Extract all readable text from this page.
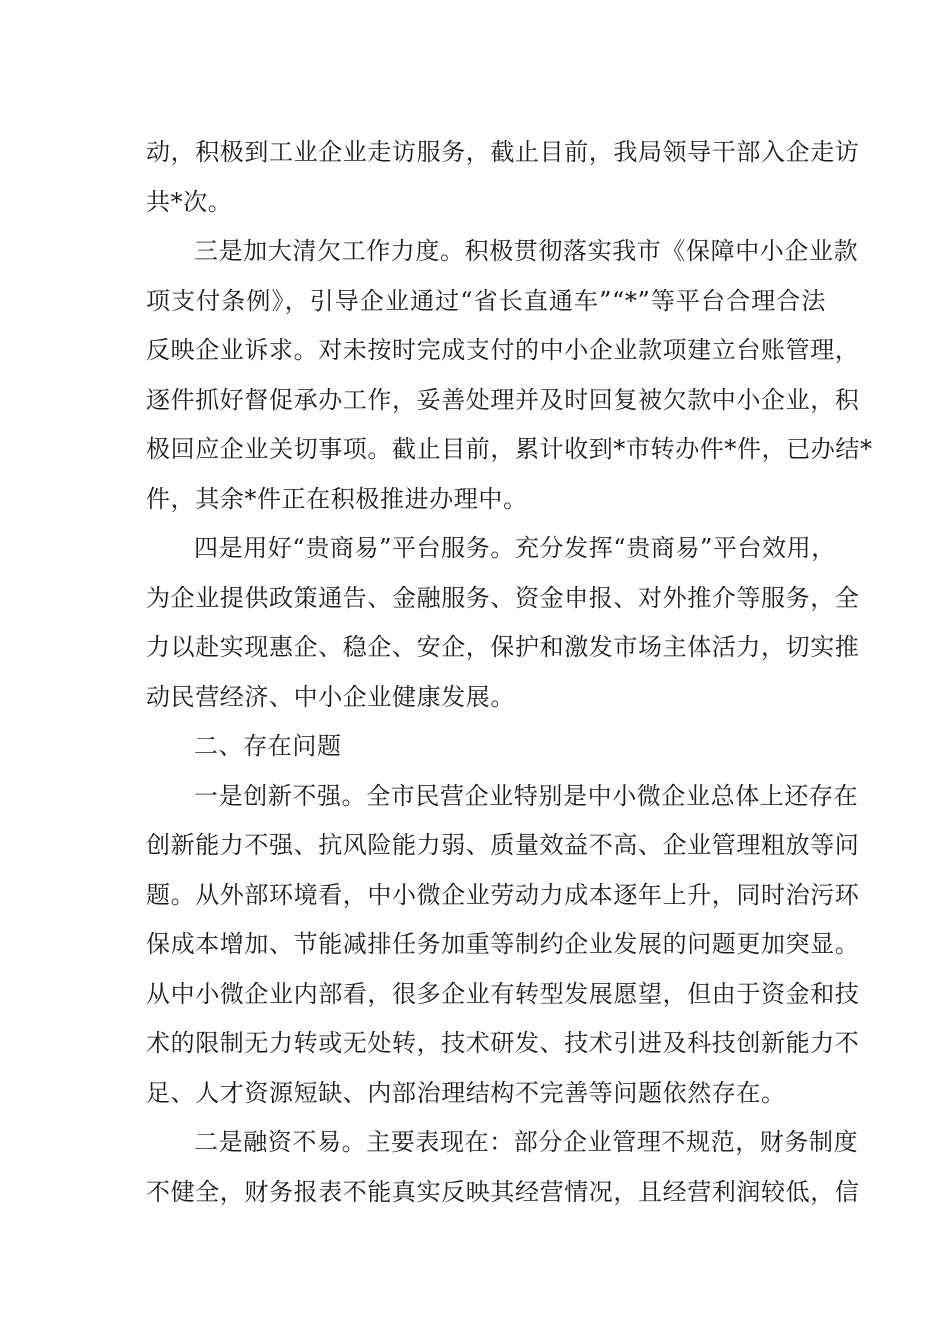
动，积极到工业企业走访服务，截止目前，我局领导干部入企走访
共*次。
三是加大清欠工作力度。积极贯彻落实我市《保障中小企业款
项支付条例》，引导企业通过“省长直通车”“*”等平台合理合法
反映企业诉求。对未按时完成支付的中小企业款项建立台账管理，
逐件抓好督促承办工作，妥善处理并及时回复被欠款中小企业，积
极回应企业关切事项。截止目前，累计收到*市转办件*件，已办结*
件，其余*件正在积极推进办理中。
四是用好“贵商易”平台服务。充分发挥“贵商易”平台效用，
为企业提供政策通告、金融服务、资金申报、对外推介等服务，全
力以赴实现惠企、稳企、安企，保护和激发市场主体活力，切实推
动民营经济、中小企业健康发展。
二、存在问题
一是创新不强。全市民营企业特别是中小微企业总体上还存在
创新能力不强、抗风险能力弱、质量效益不高、企业管理粗放等问
题。从外部环境看，中小微企业劳动力成本逐年上升，同时治污环
保成本增加、节能减排任务加重等制约企业发展的问题更加突显。
从中小微企业内部看，很多企业有转型发展愿望，但由于资金和技
术的限制无力转或无处转，技术研发、技术引进及科技创新能力不
足、人才资源短缺、内部治理结构不完善等问题依然存在。
二是融资不易。主要表现在：部分企业管理不规范，财务制度
不健全，财务报表不能真实反映其经营情况，且经营利润较低，信
